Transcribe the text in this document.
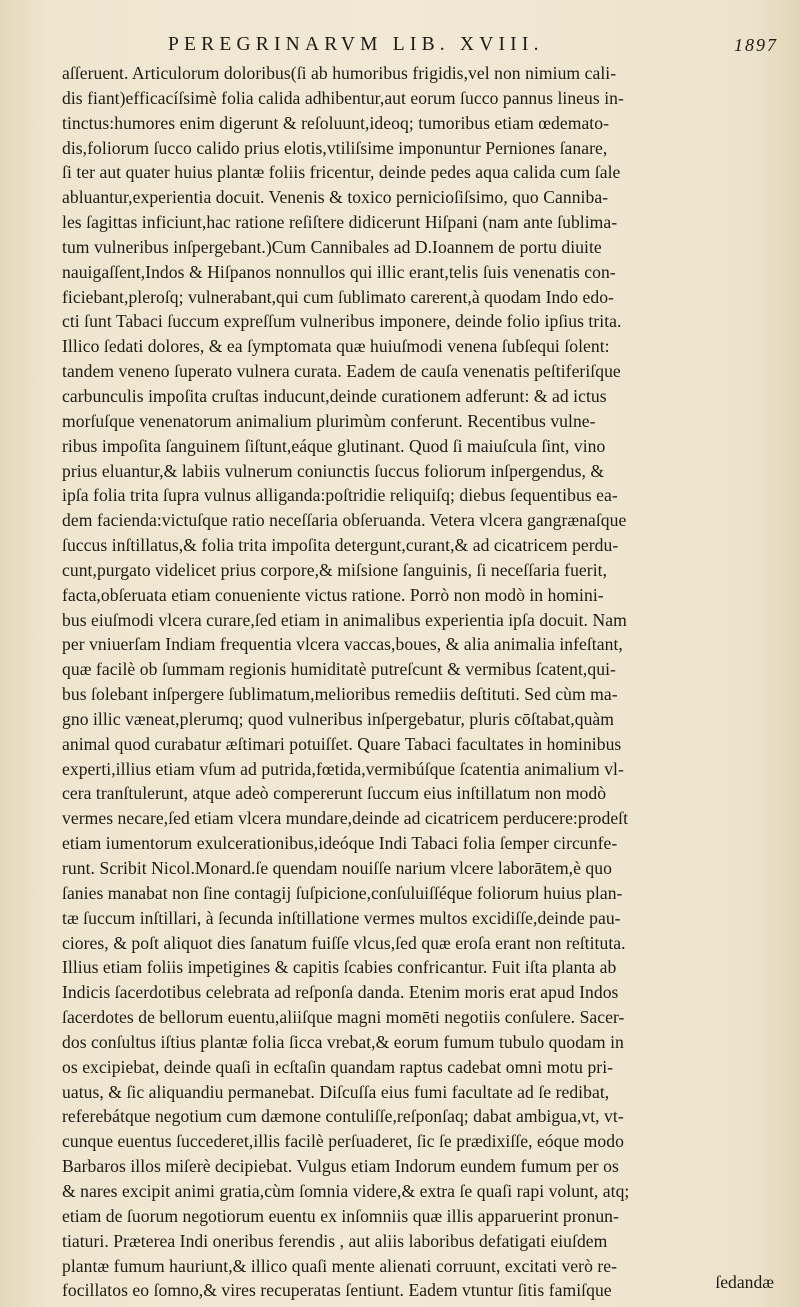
PEREGRINARVM LIB. XVIII.	1897
aſſeruent. Articulorum doloribus(ſi ab humoribus frigidis,vel non nimium cali-
dis fiant)efficacíſsimè folia calida adhibentur,aut eorum ſucco pannus lineus in-
tinctus:humores enim digerunt & reſoluunt,ideoq; tumoribus etiam œdemato-
dis,foliorum ſucco calido prius elotis,vtiliſsime imponuntur Perniones ſanare,
ſi ter aut quater huius plantæ foliis fricentur, deinde pedes aqua calida cum ſale
abluantur,experientia docuit. Venenis & toxico pernicioſiſsimo, quo Canniba-
les ſagittas inficiunt,hac ratione reſiſtere didicerunt Hiſpani (nam ante ſublima-
tum vulneribus inſpergebant.)Cum Cannibales ad D.Ioannem de portu diuite
nauigaſſent,Indos & Hiſpanos nonnullos qui illic erant,telis ſuis venenatis con-
ficiebant,pleroſq; vulnerabant,qui cum ſublimato carerent,à quodam Indo edo-
cti ſunt Tabaci ſuccum expreſſum vulneribus imponere, deinde folio ipſius trita.
Illico ſedati dolores, & ea ſymptomata quæ huiuſmodi venena ſubſequi ſolent:
tandem veneno ſuperato vulnera curata. Eadem de cauſa venenatis peſtiferiſque
carbunculis impoſita cruſtas inducunt,deinde curationem adferunt: & ad ictus
morſuſque venenatorum animalium plurimùm conferunt. Recentibus vulne-
ribus impoſita ſanguinem ſiſtunt,eáque glutinant. Quod ſi maiuſcula ſint, vino
prius eluantur,& labiis vulnerum coniunctis ſuccus foliorum inſpergendus, &
ipſa folia trita ſupra vulnus alliganda:poſtridie reliquiſq; diebus ſequentibus ea-
dem facienda:victuſque ratio neceſſaria obſeruanda. Vetera vlcera gangrænaſque
ſuccus inſtillatus,& folia trita impoſita detergunt,curant,& ad cicatricem perdu-
cunt,purgato videlicet prius corpore,& miſsione ſanguinis, ſi neceſſaria fuerit,
facta,obſeruata etiam conueniente victus ratione. Porrò non modò in homini-
bus eiuſmodi vlcera curare,ſed etiam in animalibus experientia ipſa docuit. Nam
per vniuerſam Indiam frequentia vlcera vaccas,boues, & alia animalia infeſtant,
quæ facilè ob ſummam regionis humiditatè putreſcunt & vermibus ſcatent,qui-
bus ſolebant inſpergere ſublimatum,melioribus remediis deſtituti. Sed cùm ma-
gno illic væneat,plerumq; quod vulneribus inſpergebatur, pluris cōſtabat,quàm
animal quod curabatur æſtimari potuiſſet. Quare Tabaci facultates in hominibus
experti,illius etiam vſum ad putrida,fœtida,vermibúſque ſcatentia animalium vl-
cera tranſtulerunt, atque adeò compererunt ſuccum eius inſtillatum non modò
vermes necare,ſed etiam vlcera mundare,deinde ad cicatricem perducere:prodeſt
etiam iumentorum exulcerationibus,ideóque Indi Tabaci folia ſemper circunfe-
runt. Scribit Nicol.Monard.ſe quendam nouiſſe narium vlcere laborātem,è quo
ſanies manabat non ſine contagij ſuſpicione,conſuluiſſéque foliorum huius plan-
tæ ſuccum inſtillari, à ſecunda inſtillatione vermes multos excidiſſe,deinde pau-
ciores, & poſt aliquot dies ſanatum fuiſſe vlcus,ſed quæ eroſa erant non reſtituta.
Illius etiam foliis impetigines & capitis ſcabies confricantur. Fuit iſta planta ab
Indicis ſacerdotibus celebrata ad reſponſa danda. Etenim moris erat apud Indos
ſacerdotes de bellorum euentu,aliiſque magni momēti negotiis conſulere. Sacer-
dos conſultus iſtius plantæ folia ſicca vrebat,& eorum fumum tubulo quodam in
os excipiebat, deinde quaſi in ecſtaſin quandam raptus cadebat omni motu pri-
uatus, & ſic aliquandiu permanebat. Diſcuſſa eius fumi facultate ad ſe redibat,
referebátque negotium cum dæmone contuliſſe,reſponſaq; dabat ambigua,vt, vt-
cunque euentus ſuccederet,illis facilè perſuaderet, ſic ſe prædixiſſe, eóque modo
Barbaros illos miſerè decipiebat. Vulgus etiam Indorum eundem fumum per os
& nares excipit animi gratia,cùm ſomnia videre,& extra ſe quaſi rapi volunt, atq;
etiam de ſuorum negotiorum euentu ex inſomniis quæ illis apparuerint pronun-
tiaturi. Præterea Indi oneribus ferendis , aut aliis laboribus defatigati eiuſdem
plantæ fumum hauriunt,& illico quaſi mente alienati corruunt, excitati verò re-
focillatos eo ſomno,& vires recuperatas ſentiunt. Eadem vtuntur ſitis famiſque	ſedandæ
